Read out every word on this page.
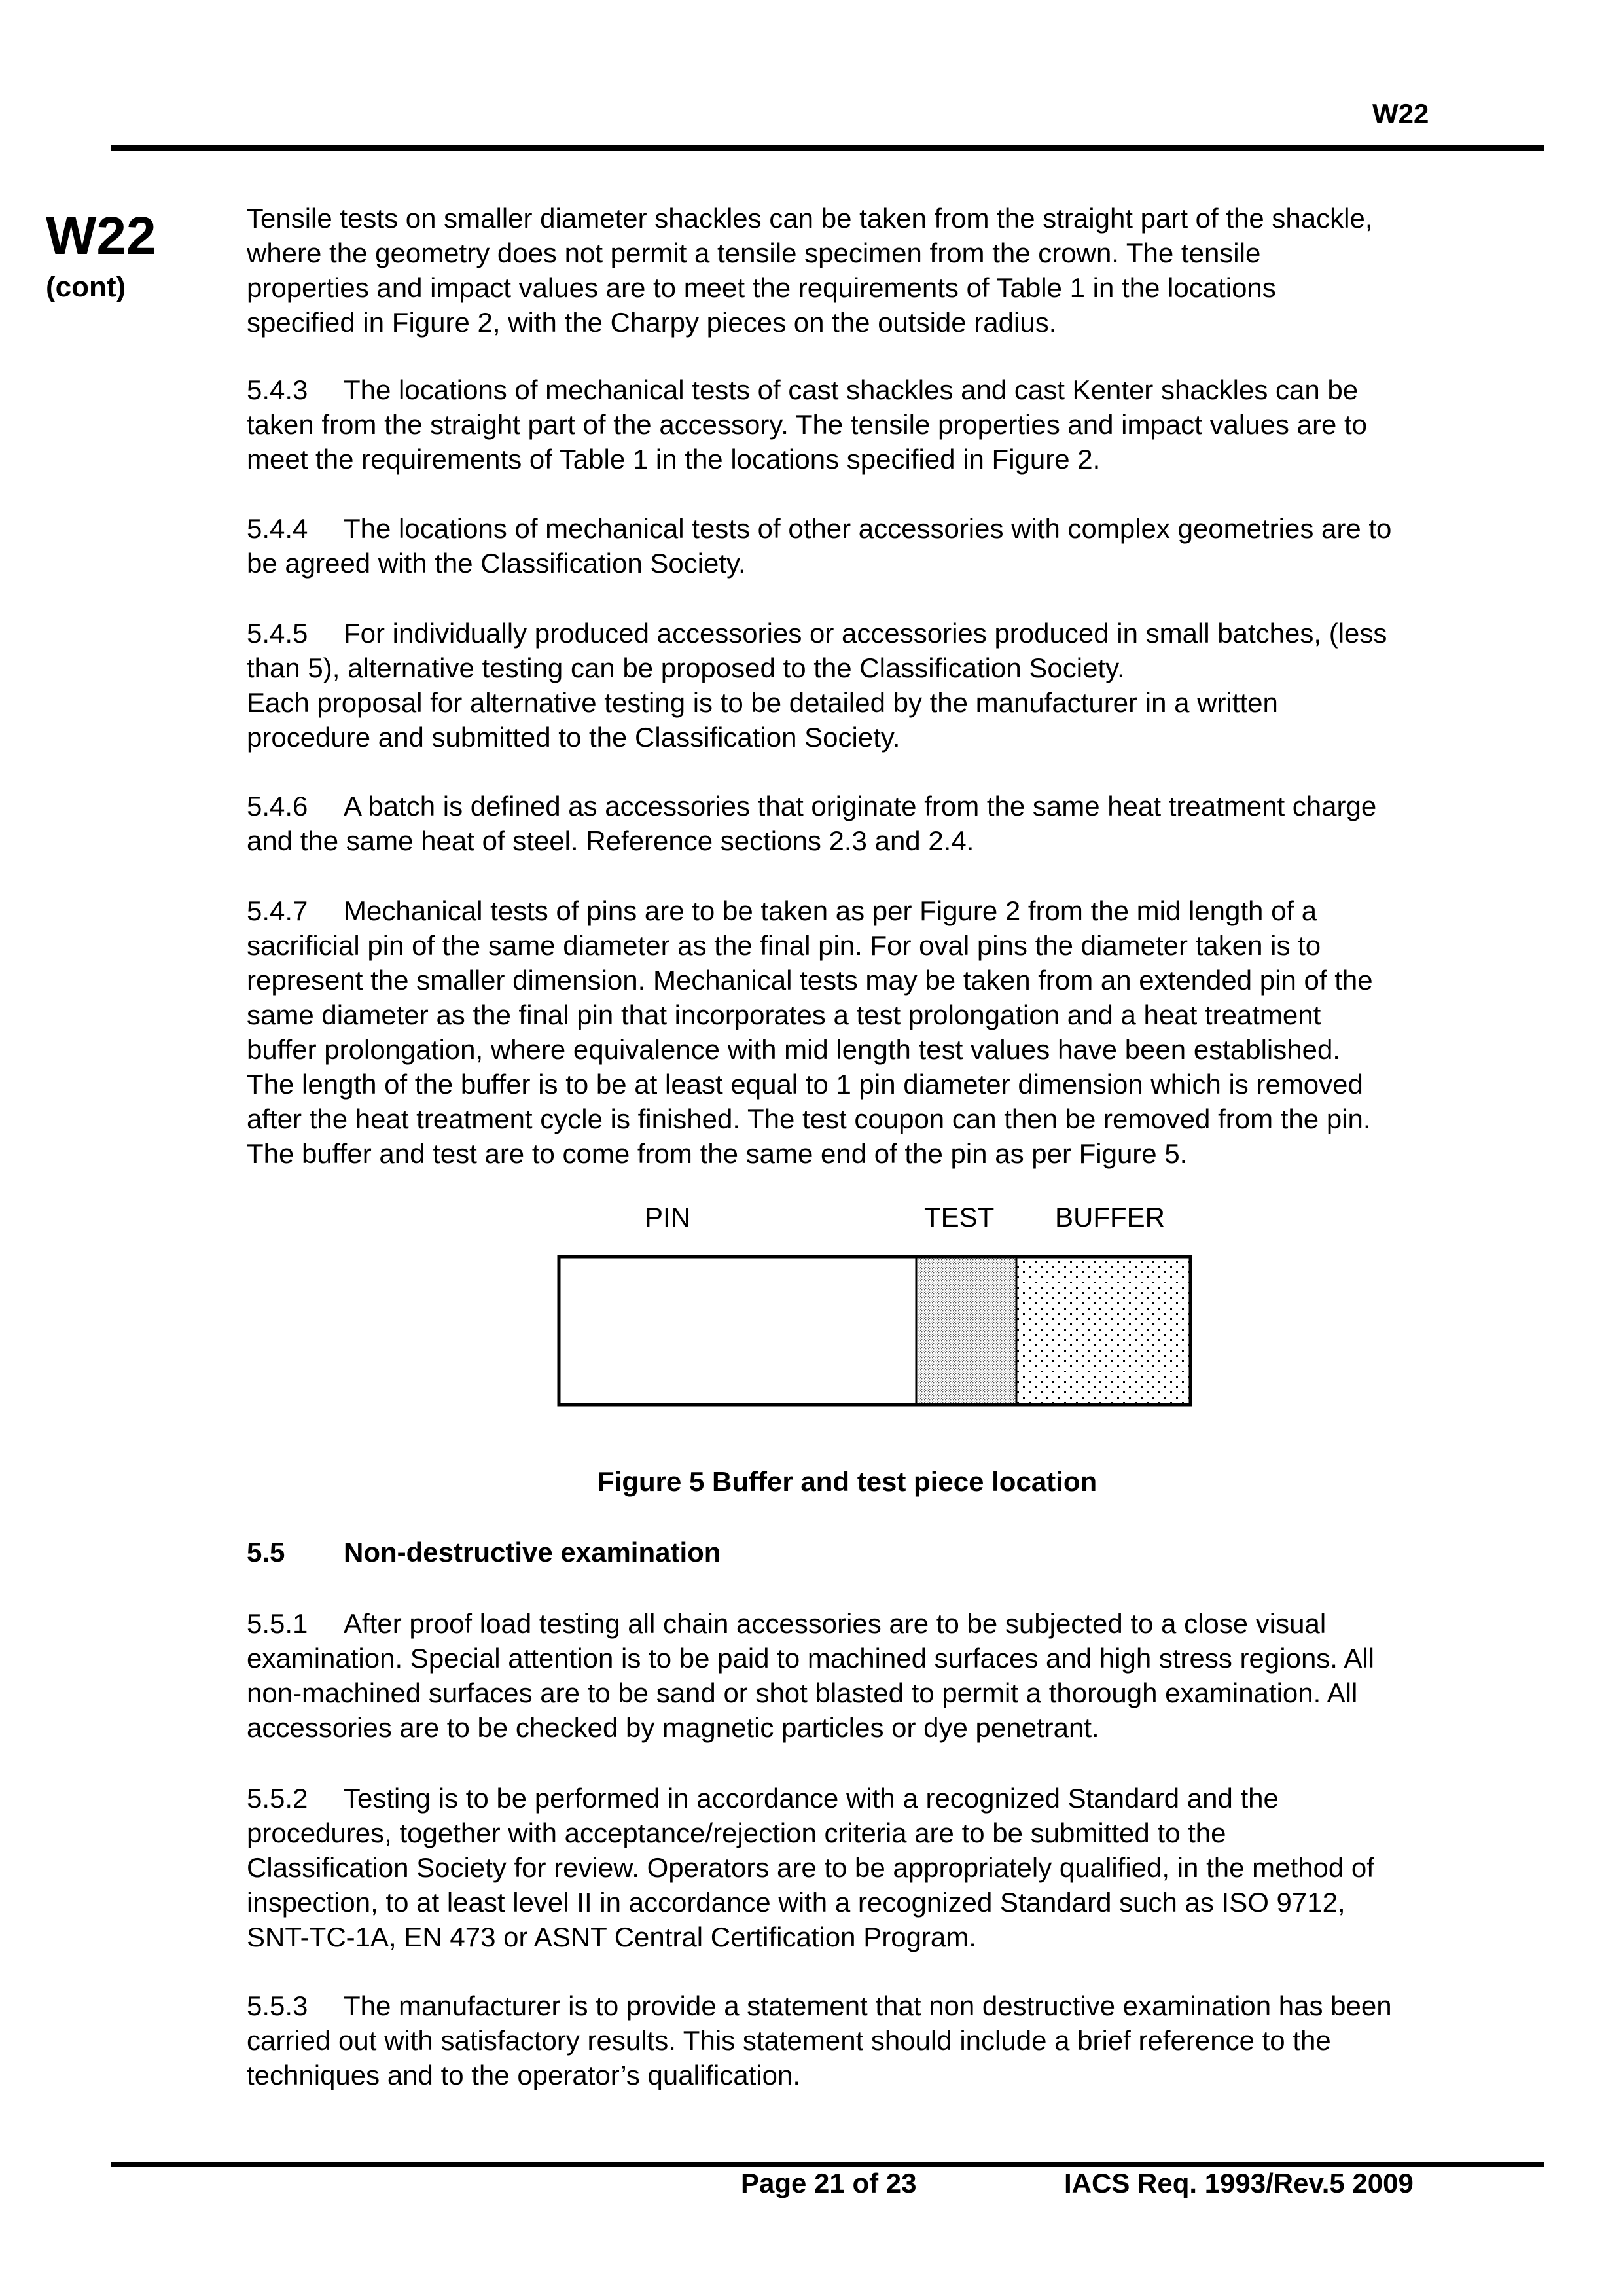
W22
W22
(cont)
Tensile tests on smaller diameter shackles can be taken from the straight part of the shackle,
where the geometry does not permit a tensile specimen from the crown. The tensile
properties and impact values are to meet the requirements of Table 1 in the locations
specified in Figure 2, with the Charpy pieces on the outside radius.
5.4.3 The locations of mechanical tests of cast shackles and cast Kenter shackles can be
taken from the straight part of the accessory. The tensile properties and impact values are to
meet the requirements of Table 1 in the locations specified in Figure 2.
5.4.4 The locations of mechanical tests of other accessories with complex geometries are to
be agreed with the Classification Society.
5.4.5 For individually produced accessories or accessories produced in small batches, (less
than 5), alternative testing can be proposed to the Classification Society.
Each proposal for alternative testing is to be detailed by the manufacturer in a written
procedure and submitted to the Classification Society.
5.4.6 A batch is defined as accessories that originate from the same heat treatment charge
and the same heat of steel. Reference sections 2.3 and 2.4.
5.4.7 Mechanical tests of pins are to be taken as per Figure 2 from the mid length of a
sacrificial pin of the same diameter as the final pin. For oval pins the diameter taken is to
represent the smaller dimension. Mechanical tests may be taken from an extended pin of the
same diameter as the final pin that incorporates a test prolongation and a heat treatment
buffer prolongation, where equivalence with mid length test values have been established.
The length of the buffer is to be at least equal to 1 pin diameter dimension which is removed
after the heat treatment cycle is finished. The test coupon can then be removed from the pin.
The buffer and test are to come from the same end of the pin as per Figure 5.
PIN	TEST BUFFER
Figure 5 Buffer and test piece location
5.5 Non-destructive examination
5.5.1 After proof load testing all chain accessories are to be subjected to a close visual
examination. Special attention is to be paid to machined surfaces and high stress regions. All
non-machined surfaces are to be sand or shot blasted to permit a thorough examination. All
accessories are to be checked by magnetic particles or dye penetrant.
5.5.2 Testing is to be performed in accordance with a recognized Standard and the
procedures, together with acceptance/rejection criteria are to be submitted to the
Classification Society for review. Operators are to be appropriately qualified, in the method of
inspection, to at least level II in accordance with a recognized Standard such as ISO 9712,
SNT-TC-1A, EN 473 or ASNT Central Certification Program.
5.5.3 The manufacturer is to provide a statement that non destructive examination has been
carried out with satisfactory results. This statement should include a brief reference to the
techniques and to the operator’s qualification.
Page 21 of 23	IACS Req. 1993/Rev.5 2009
